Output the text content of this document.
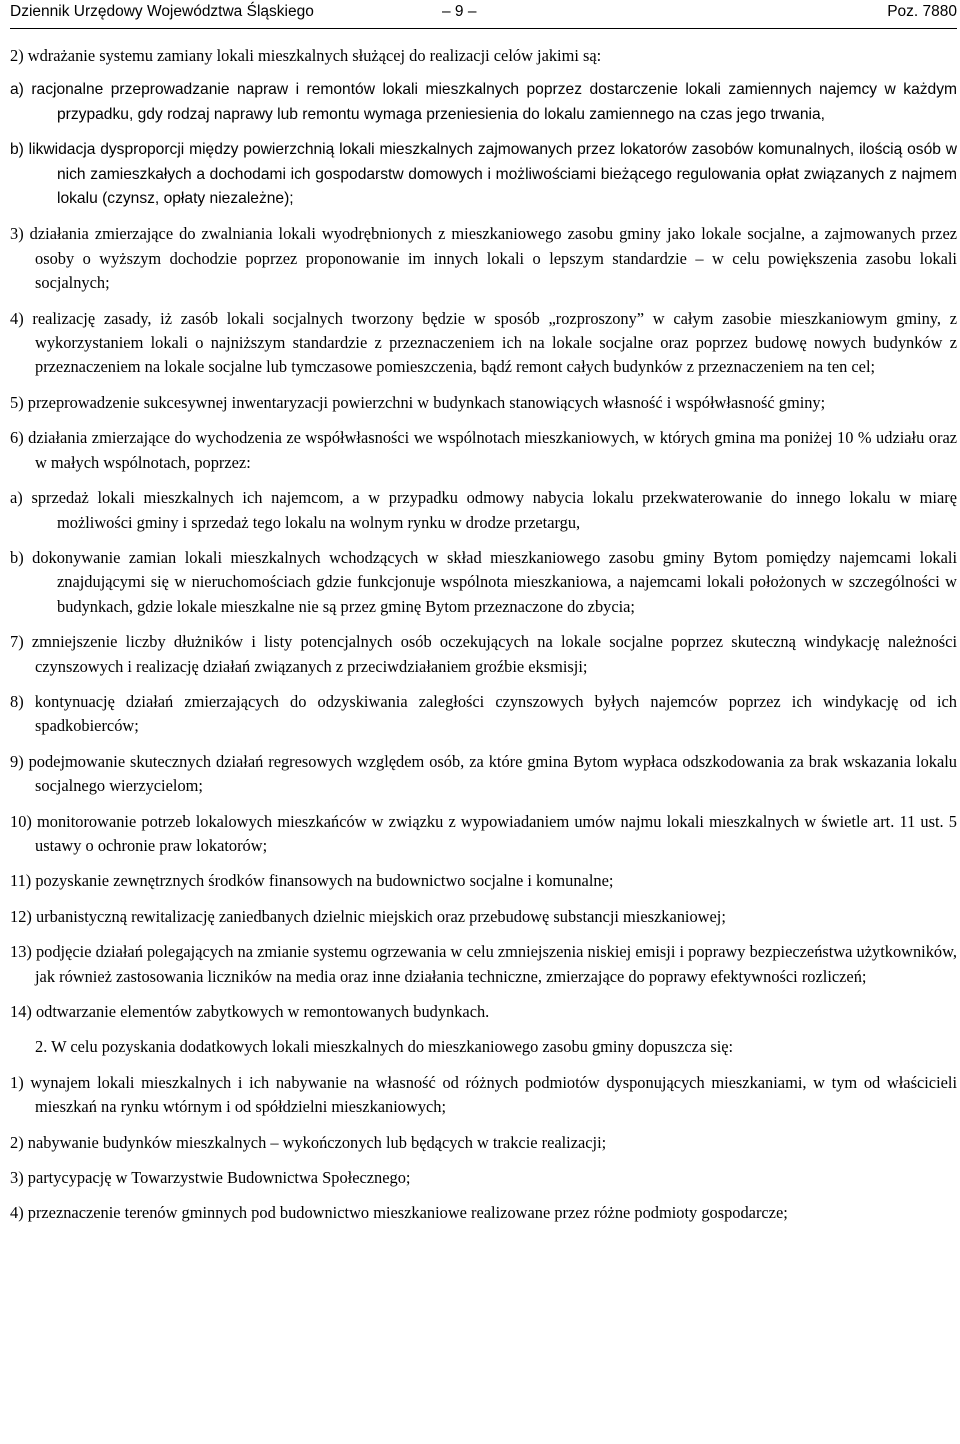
Dziennik Urzędowy Województwa Śląskiego	– 9 –	Poz. 7880

2) wdrażanie systemu zamiany lokali mieszkalnych służącej do realizacji celów jakimi są:

a) racjonalne przeprowadzanie napraw i remontów lokali mieszkalnych poprzez dostarczenie lokali zamiennych najemcy w każdym przypadku, gdy rodzaj naprawy lub remontu wymaga przeniesienia do lokalu zamiennego na czas jego trwania,

b) likwidacja dysproporcji między powierzchnią lokali mieszkalnych zajmowanych przez lokatorów zasobów komunalnych, ilością osób w nich zamieszkałych a dochodami ich gospodarstw domowych i możliwościami bieżącego regulowania opłat związanych z najmem lokalu (czynsz, opłaty niezależne);

3) działania zmierzające do zwalniania lokali wyodrębnionych z mieszkaniowego zasobu gminy jako lokale socjalne, a zajmowanych przez osoby o wyższym dochodzie poprzez proponowanie im innych lokali o lepszym standardzie – w celu powiększenia zasobu lokali socjalnych;

4) realizację zasady, iż zasób lokali socjalnych tworzony będzie w sposób „rozproszony” w całym zasobie mieszkaniowym gminy, z wykorzystaniem lokali o najniższym standardzie z przeznaczeniem ich na lokale socjalne oraz poprzez budowę nowych budynków z przeznaczeniem na lokale socjalne lub tymczasowe pomieszczenia, bądź remont całych budynków z przeznaczeniem na ten cel;

5) przeprowadzenie sukcesywnej inwentaryzacji powierzchni w budynkach stanowiących własność i współwłasność gminy;

6) działania zmierzające do wychodzenia ze współwłasności we wspólnotach mieszkaniowych, w których gmina ma poniżej 10 % udziału oraz w małych wspólnotach, poprzez:

a) sprzedaż lokali mieszkalnych ich najemcom, a w przypadku odmowy nabycia lokalu przekwaterowanie do innego lokalu w miarę możliwości gminy i sprzedaż tego lokalu na wolnym rynku w drodze przetargu,

b) dokonywanie zamian lokali mieszkalnych wchodzących w skład mieszkaniowego zasobu gminy Bytom pomiędzy najemcami lokali znajdującymi się w nieruchomościach gdzie funkcjonuje wspólnota mieszkaniowa, a najemcami lokali położonych w szczególności w budynkach, gdzie lokale mieszkalne nie są przez gminę Bytom przeznaczone do zbycia;

7) zmniejszenie liczby dłużników i listy potencjalnych osób oczekujących na lokale socjalne poprzez skuteczną windykację należności czynszowych i realizację działań związanych z przeciwdziałaniem groźbie eksmisji;

8) kontynuację działań zmierzających do odzyskiwania zaległości czynszowych byłych najemców poprzez ich windykację od ich spadkobierców;

9) podejmowanie skutecznych działań regresowych względem osób, za które gmina Bytom wypłaca odszkodowania za brak wskazania lokalu socjalnego wierzycielom;

10) monitorowanie potrzeb lokalowych mieszkańców w związku z wypowiadaniem umów najmu lokali mieszkalnych w świetle art. 11 ust. 5 ustawy o ochronie praw lokatorów;

11) pozyskanie zewnętrznych środków finansowych na budownictwo socjalne i komunalne;

12) urbanistyczną rewitalizację zaniedbanych dzielnic miejskich oraz przebudowę substancji mieszkaniowej;

13) podjęcie działań polegających na zmianie systemu ogrzewania w celu zmniejszenia niskiej emisji i poprawy bezpieczeństwa użytkowników, jak również zastosowania liczników na media oraz inne działania techniczne, zmierzające do poprawy efektywności rozliczeń;

14) odtwarzanie elementów zabytkowych w remontowanych budynkach.

2. W celu pozyskania dodatkowych lokali mieszkalnych do mieszkaniowego zasobu gminy dopuszcza się:

1) wynajem lokali mieszkalnych i ich nabywanie na własność od różnych podmiotów dysponujących mieszkaniami, w tym od właścicieli mieszkań na rynku wtórnym i od spółdzielni mieszkaniowych;

2) nabywanie budynków mieszkalnych – wykończonych lub będących w trakcie realizacji;

3) partycypację w Towarzystwie Budownictwa Społecznego;

4) przeznaczenie terenów gminnych pod budownictwo mieszkaniowe realizowane przez różne podmioty gospodarcze;
